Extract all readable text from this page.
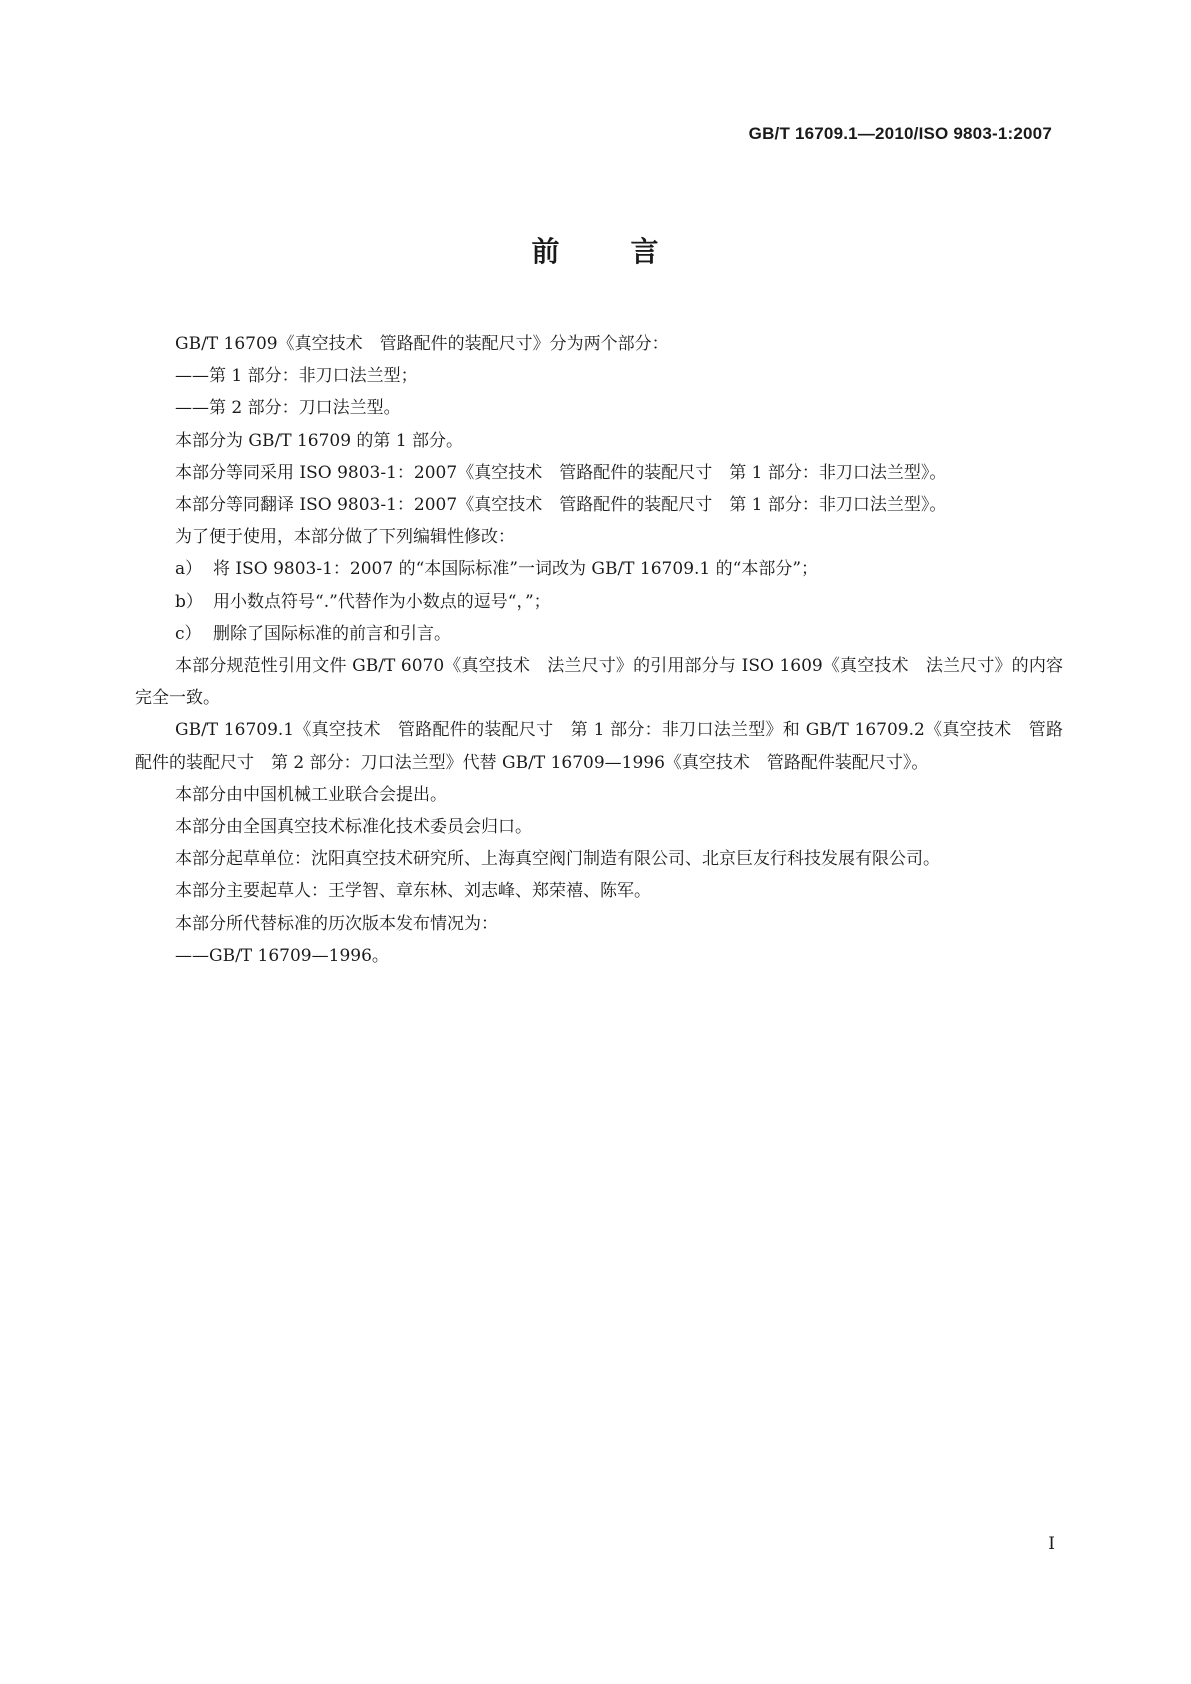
GB/T 16709.1—2010/ISO 9803-1:2007
前	言

GB/T 16709《真空技术　管路配件的装配尺寸》分为两个部分：

——第 1 部分：非刀口法兰型；

——第 2 部分：刀口法兰型。

本部分为 GB/T 16709 的第 1 部分。

本部分等同采用 ISO 9803-1：2007《真空技术　管路配件的装配尺寸　第 1 部分：非刀口法兰型》。

本部分等同翻译 ISO 9803-1：2007《真空技术　管路配件的装配尺寸　第 1 部分：非刀口法兰型》。

为了便于使用，本部分做了下列编辑性修改：

a） 将 ISO 9803-1：2007 的“本国际标准”一词改为 GB/T 16709.1 的“本部分”；

b） 用小数点符号“.”代替作为小数点的逗号“，”；

c） 删除了国际标准的前言和引言。

本部分规范性引用文件 GB/T 6070《真空技术　法兰尺寸》的引用部分与 ISO 1609《真空技术　法兰尺寸》的内容完全一致。

GB/T 16709.1《真空技术　管路配件的装配尺寸　第 1 部分：非刀口法兰型》和 GB/T 16709.2《真空技术　管路配件的装配尺寸　第 2 部分：刀口法兰型》代替 GB/T 16709—1996《真空技术　管路配件装配尺寸》。

本部分由中国机械工业联合会提出。

本部分由全国真空技术标准化技术委员会归口。

本部分起草单位：沈阳真空技术研究所、上海真空阀门制造有限公司、北京巨友行科技发展有限公司。

本部分主要起草人：王学智、章东林、刘志峰、郑荣禧、陈军。

本部分所代替标准的历次版本发布情况为：

——GB/T 16709—1996。

I
